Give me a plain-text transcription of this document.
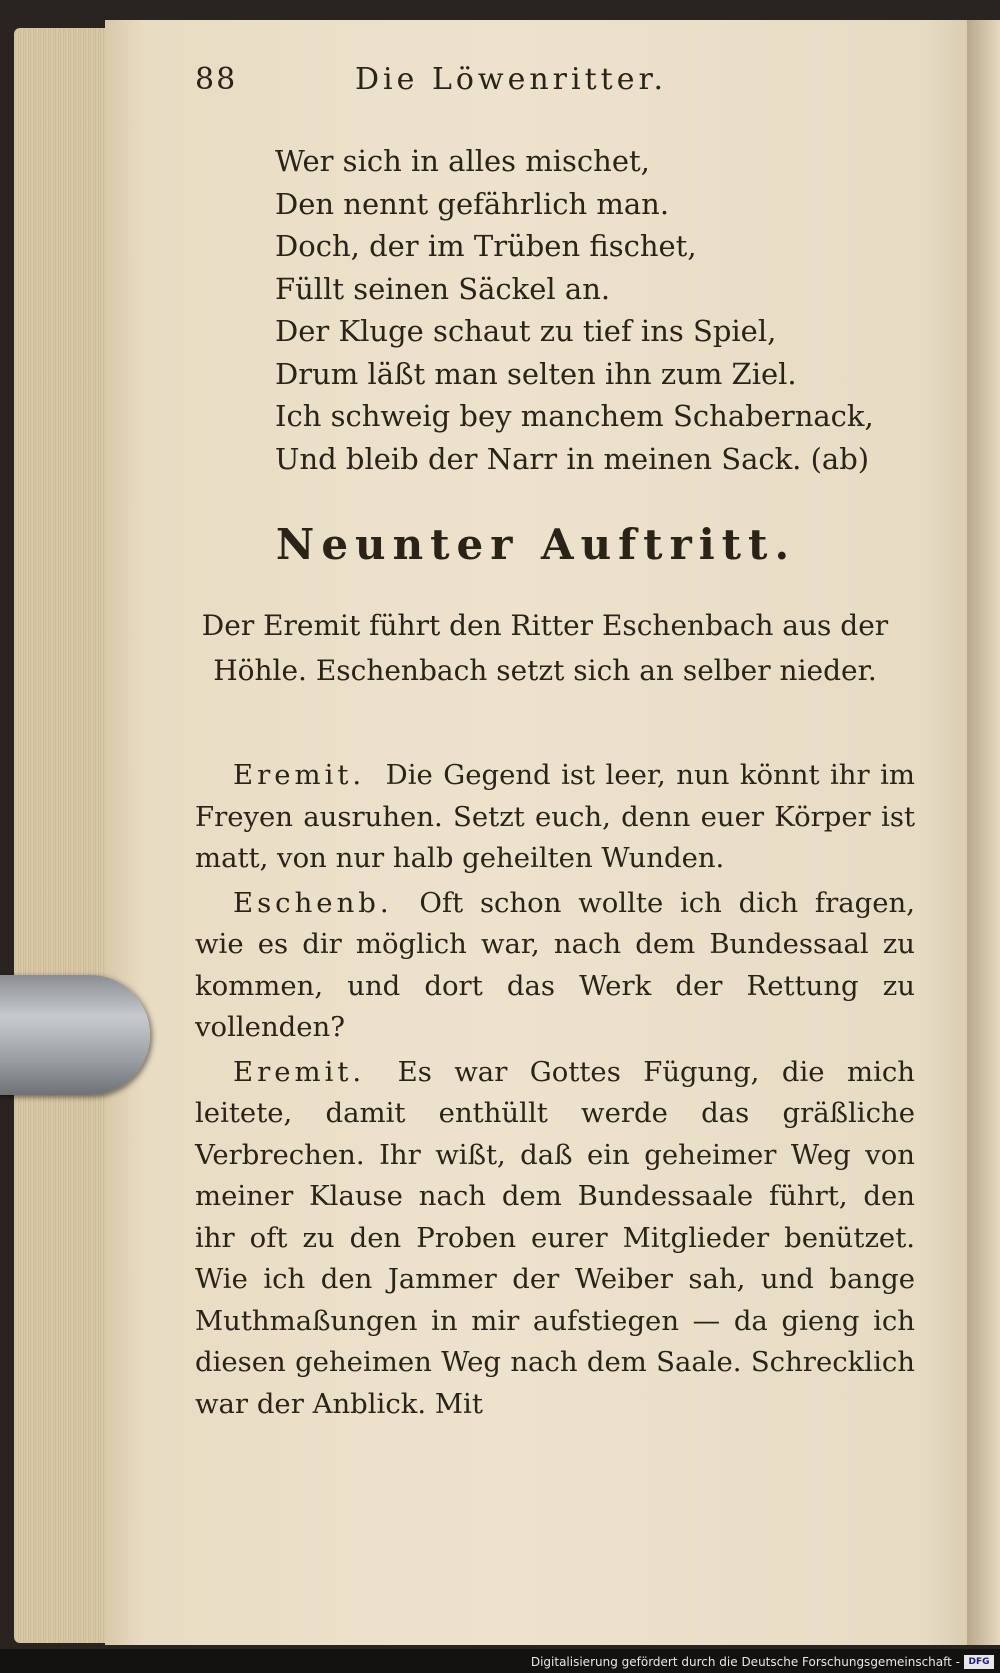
88	Die Löwenritter.
Wer sich in alles mischet,
Den nennt gefährlich man.
Doch, der im Trüben fischet,
Füllt seinen Säckel an.
Der Kluge schaut zu tief ins Spiel,
Drum läßt man selten ihn zum Ziel.
Ich schweig bey manchem Schabernack,
Und bleib der Narr in meinen Sack. (ab)
Neunter Auftritt.
Der Eremit führt den Ritter Eschenbach aus der Höhle. Eschenbach setzt sich an selber nieder.

Eremit. Die Gegend ist leer, nun könnt ihr im Freyen ausruhen. Setzt euch, denn euer Körper ist matt, von nur halb geheilten Wunden.

Eschenb. Oft schon wollte ich dich fragen, wie es dir möglich war, nach dem Bundessaal zu kommen, und dort das Werk der Rettung zu vollenden?

Eremit. Es war Gottes Fügung, die mich leitete, damit enthüllt werde das gräßliche Verbrechen. Ihr wißt, daß ein geheimer Weg von meiner Klause nach dem Bundessaale führt, den ihr oft zu den Proben eurer Mitglieder benützet. Wie ich den Jammer der Weiber sah, und bange Muthmaßungen in mir aufstiegen — da gieng ich diesen geheimen Weg nach dem Saale. Schrecklich war der Anblick. Mit

Digitalisierung gefördert durch die Deutsche Forschungsgemeinschaft - DFG
